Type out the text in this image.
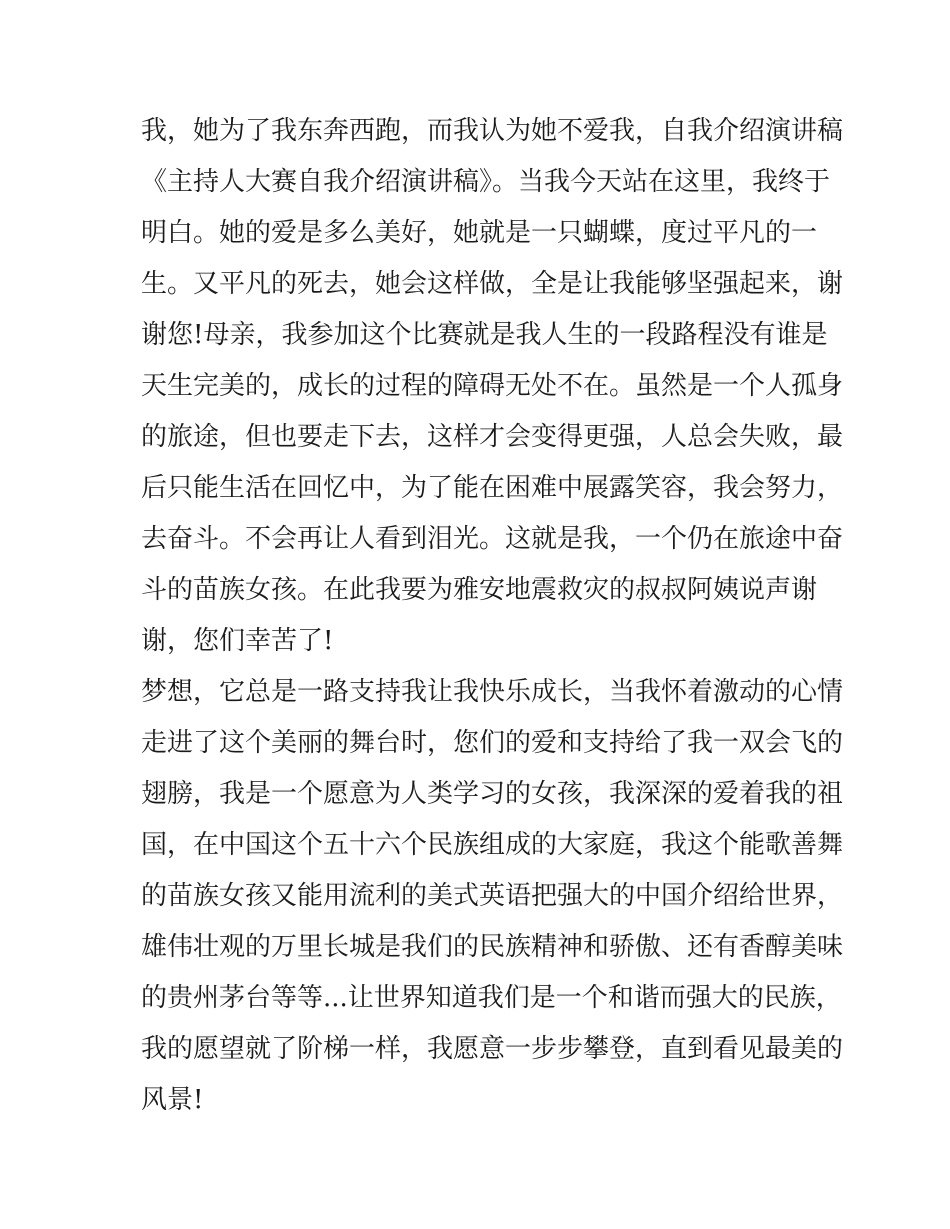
我，她为了我东奔西跑，而我认为她不爱我，自我介绍演讲稿
《主持人大赛自我介绍演讲稿》。当我今天站在这里，我终于
明白。她的爱是多么美好，她就是一只蝴蝶，度过平凡的一
生。又平凡的死去，她会这样做，全是让我能够坚强起来，谢
谢您!母亲，我参加这个比赛就是我人生的一段路程没有谁是
天生完美的，成长的过程的障碍无处不在。虽然是一个人孤身
的旅途，但也要走下去，这样才会变得更强，人总会失败，最
后只能生活在回忆中，为了能在困难中展露笑容，我会努力，
去奋斗。不会再让人看到泪光。这就是我，一个仍在旅途中奋
斗的苗族女孩。在此我要为雅安地震救灾的叔叔阿姨说声谢
谢，您们幸苦了!
梦想，它总是一路支持我让我快乐成长，当我怀着激动的心情
走进了这个美丽的舞台时，您们的爱和支持给了我一双会飞的
翅膀，我是一个愿意为人类学习的女孩，我深深的爱着我的祖
国，在中国这个五十六个民族组成的大家庭，我这个能歌善舞
的苗族女孩又能用流利的美式英语把强大的中国介绍给世界，
雄伟壮观的万里长城是我们的民族精神和骄傲、还有香醇美味
的贵州茅台等等...让世界知道我们是一个和谐而强大的民族，
我的愿望就了阶梯一样，我愿意一步步攀登，直到看见最美的
风景!
